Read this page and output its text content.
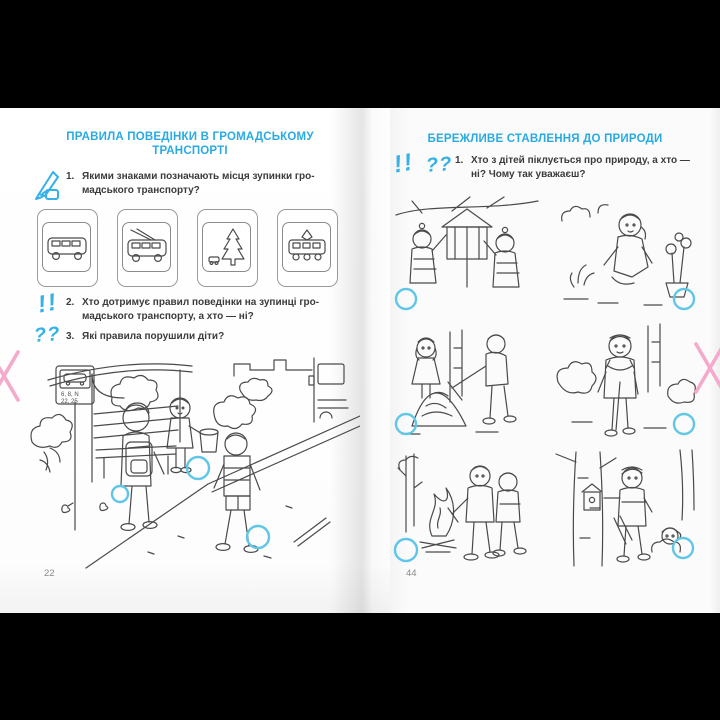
ПРАВИЛА ПОВЕДІНКИ В ГРОМАДСЬКОМУ
ТРАНСПОРТІ
1. Якими знаками позначають місця зупинки гро-
мадського транспорту?
!! 2. Хто дотримує правил поведінки на зупинці гро-
мадського транспорту, а хто — ні?
?? 3. Які правила порушили діти?
6, 8, N
22, 25
22
БЕРЕЖЛИВЕ СТАВЛЕННЯ ДО ПРИРОДИ
!! ?? 1. Хто з дітей піклується про природу, а хто —
ні? Чому так уважаєш?
44
